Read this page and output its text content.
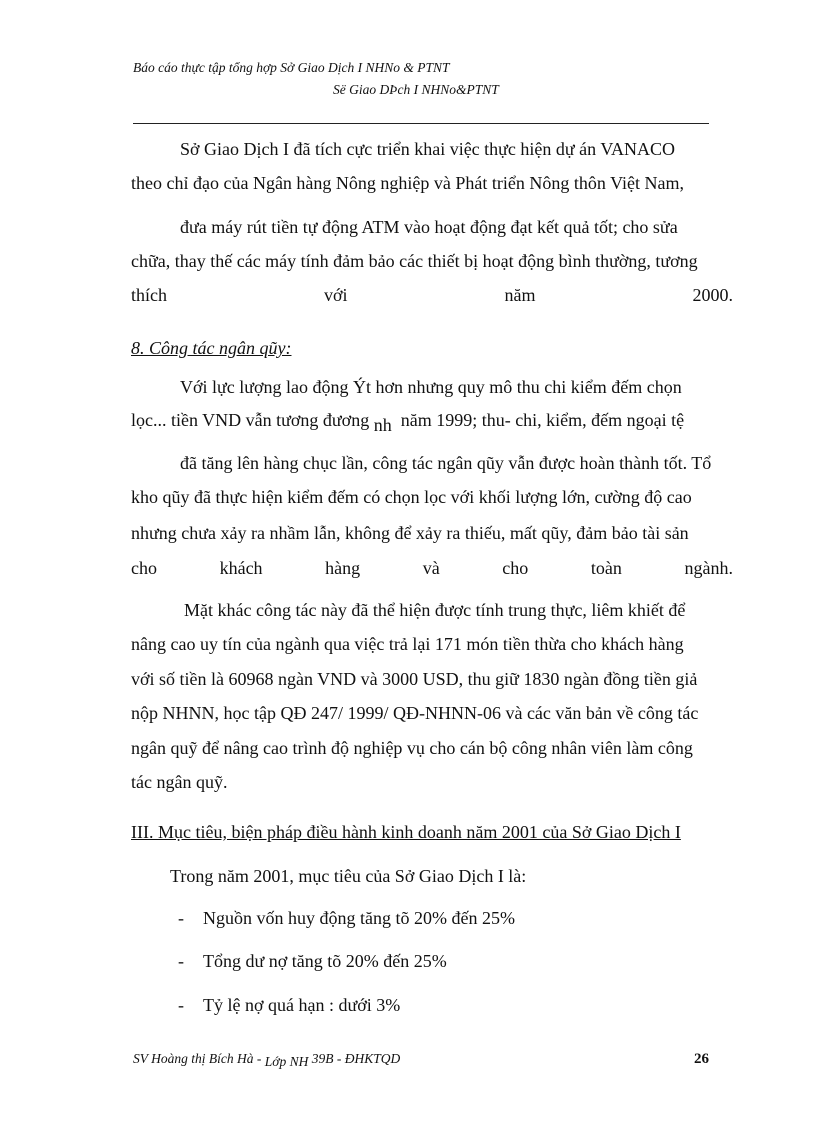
Báo cáo thực tập tổng hợp Sở Giao Dịch I NHNo & PTNT
Së Giao DÞch I NHNo&PTNT
Sở Giao Dịch I đã tích cực triển khai việc thực hiện dự án VANACO
theo chỉ đạo của Ngân hàng Nông nghiệp và Phát triển Nông thôn Việt Nam,
đưa máy rút tiền tự động ATM vào hoạt động đạt kết quả tốt; cho sửa
chữa, thay thế các máy tính đảm bảo các thiết bị hoạt động bình thường, tương
thích	với	năm	2000.
8. Công tác ngân qũy:
Với lực lượng lao động Ýt hơn nhưng quy mô thu chi kiểm đếm chọn
lọc... tiền VND vẫn tương đương nh năm 1999; thu- chi, kiểm, đếm ngoại tệ
đã tăng lên hàng chục lần, công tác ngân qũy vẫn được hoàn thành tốt. Tổ
kho qũy đã thực hiện kiểm đếm có chọn lọc với khối lượng lớn, cường độ cao
nhưng chưa xảy ra nhầm lẫn, không để xảy ra thiếu, mất qũy, đảm bảo tài sản
cho	khách	hàng	và	cho	toàn	ngành.
Mặt khác công tác này đã thể hiện được tính trung thực, liêm khiết để
nâng cao uy tín của ngành qua việc trả lại 171 món tiền thừa cho khách hàng
với số tiền là 60968 ngàn VND và 3000 USD, thu giữ 1830 ngàn đồng tiền giả
nộp NHNN, học tập QĐ 247/ 1999/ QĐ-NHNN-06 và các văn bản về công tác
ngân quỹ để nâng cao trình độ nghiệp vụ cho cán bộ công nhân viên làm công
tác ngân quỹ.
III. Mục tiêu, biện pháp điều hành kinh doanh năm 2001 của Sở Giao Dịch I
Trong năm 2001, mục tiêu của Sở Giao Dịch I là:
- Nguồn vốn huy động tăng tõ 20% đến 25%
- Tổng dư nợ tăng tõ 20% đến 25%
- Tỷ lệ nợ quá hạn : dưới 3%
SV Hoàng thị Bích Hà - Lớp NH 39B - ĐHKTQD	26
